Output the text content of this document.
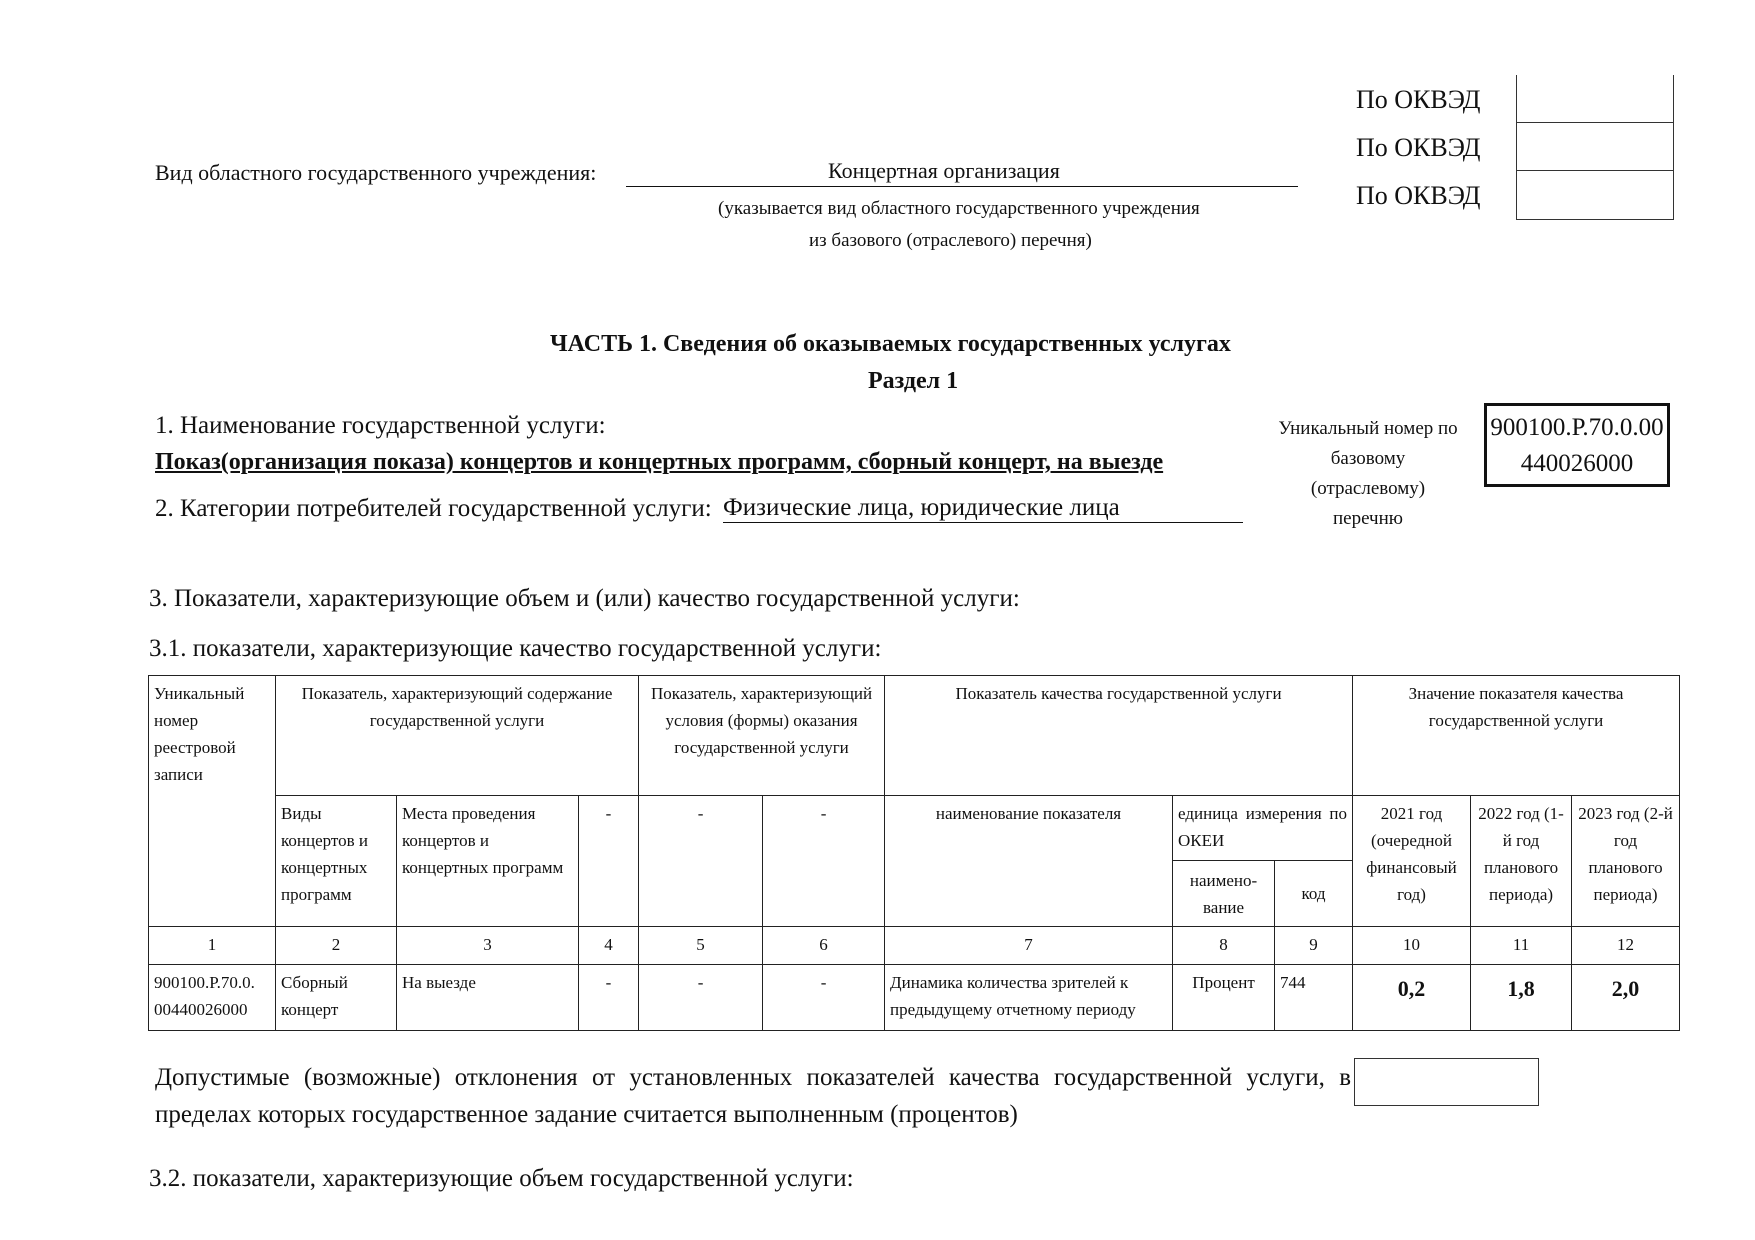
По ОКВЭД
По ОКВЭД
По ОКВЭД
Вид областного государственного учреждения:	Концертная организация
(указывается вид областного государственного учреждения
из базового (отраслевого) перечня)
ЧАСТЬ 1. Сведения об оказываемых государственных услугах
Раздел 1
1. Наименование государственной услуги:
Показ(организация показа) концертов и концертных программ, сборный концерт, на выезде
2. Категории потребителей государственной услуги: Физические лица, юридические лица
Уникальный номер по
базовому
(отраслевому)
перечню
900100.Р.70.0.00
440026000
3. Показатели, характеризующие объем и (или) качество государственной услуги:
3.1. показатели, характеризующие качество государственной услуги:
Уникальный номер реестровой записи	Показатель, характеризующий содержание государственной услуги			Показатель, характеризующий условия (формы) оказания государственной услуги		Показатель качества государственной услуги			Значение показателя качества государственной услуги		
	Виды концертов и концертных программ	Места проведения концертов и концертных программ	-	-	-	наименование показателя	единица измерения по ОКЕИ		2021 год (очередной финансовый год)	2022 год (1-й год планового периода)	2023 год (2-й год планового периода)
							наимено-вание	код			
1	2	3	4	5	6	7	8	9	10	11	12
900100.Р.70.0. 00440026000	Сборный концерт	На выезде	-	-	-	Динамика количества зрителей к предыдущему отчетному периоду	Процент	744	0,2	1,8	2,0
Допустимые (возможные) отклонения от установленных показателей качества государственной услуги, в
пределах которых государственное задание считается выполненным (процентов)
3.2. показатели, характеризующие объем государственной услуги:
